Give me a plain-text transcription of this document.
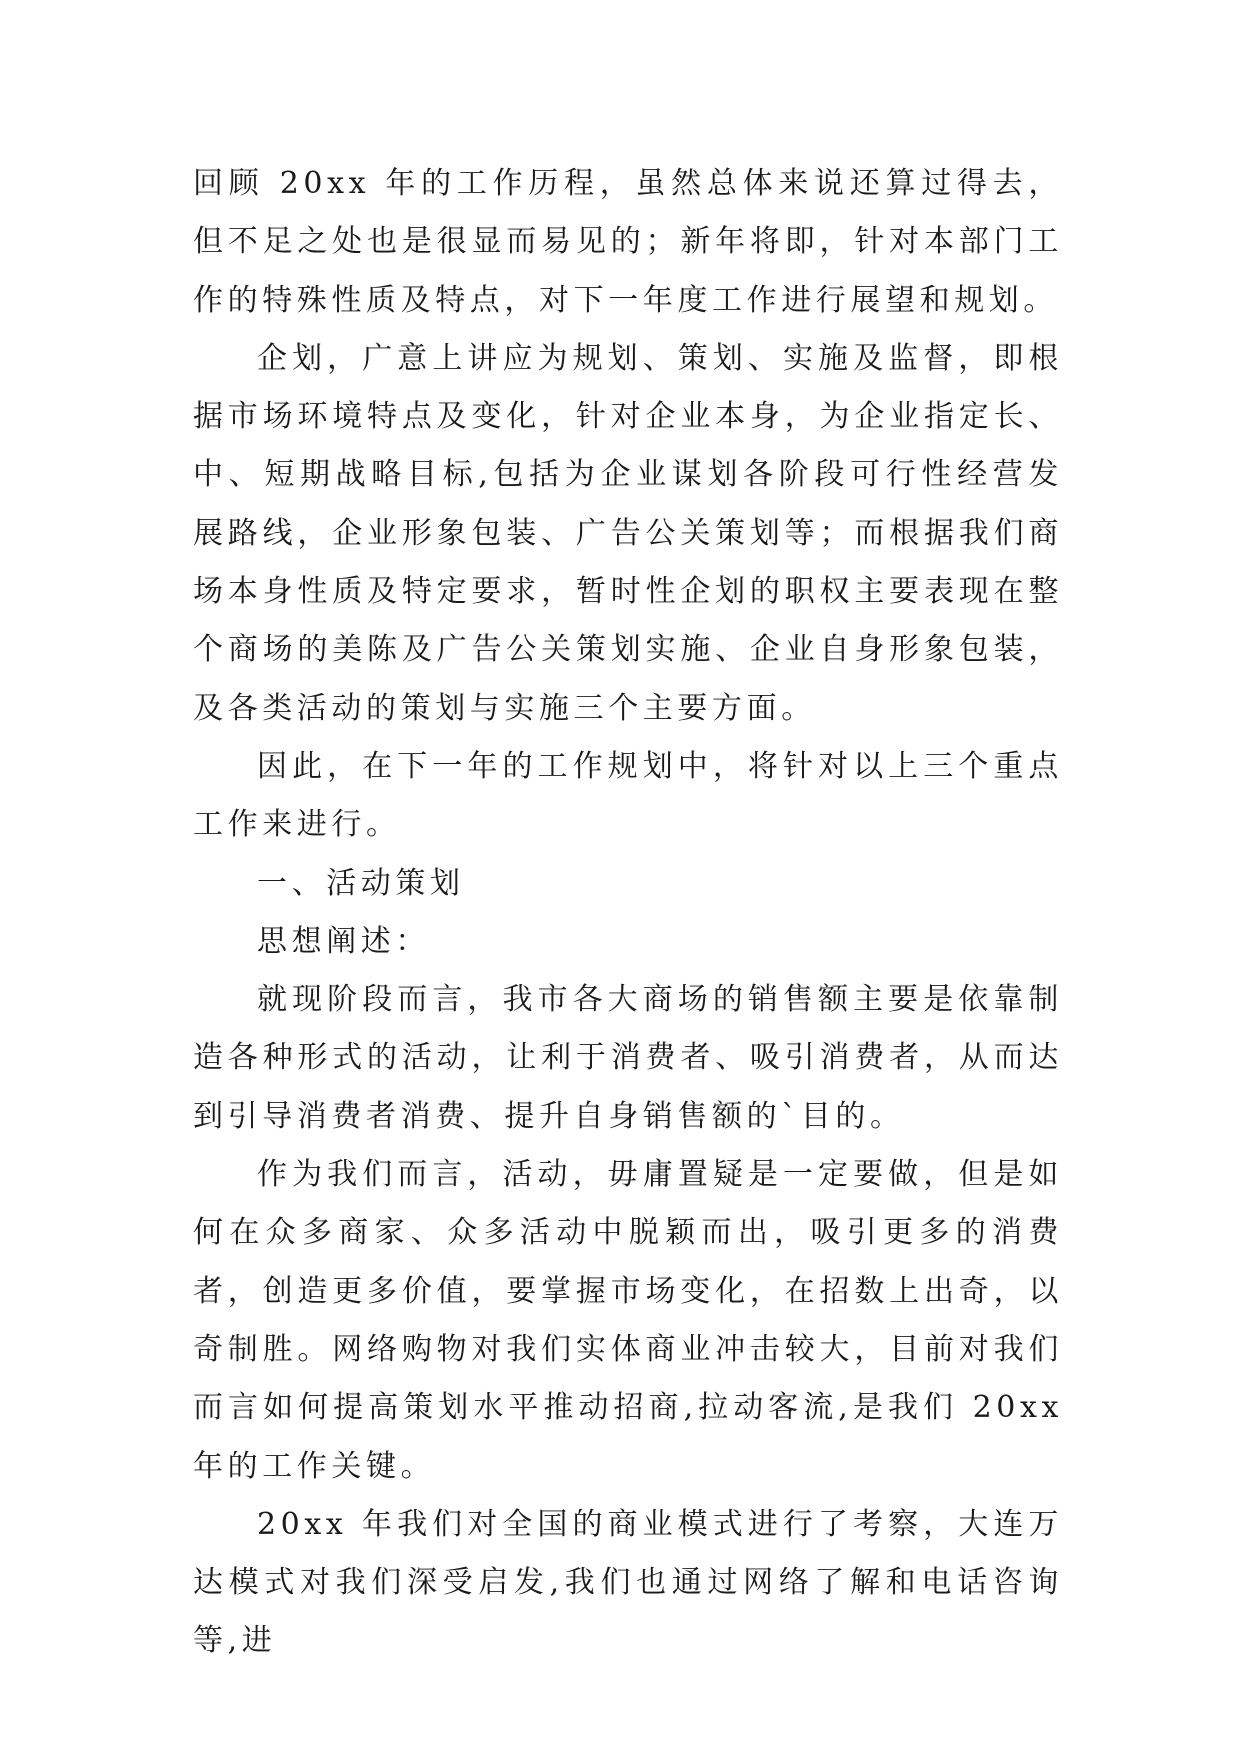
回顾 20xx 年的工作历程，虽然总体来说还算过得去，但不足之处也是很显而易见的；新年将即，针对本部门工作的特殊性质及特点，对下一年度工作进行展望和规划。

企划，广意上讲应为规划、策划、实施及监督，即根据市场环境特点及变化，针对企业本身，为企业指定长、中、短期战略目标,包括为企业谋划各阶段可行性经营发展路线，企业形象包装、广告公关策划等；而根据我们商场本身性质及特定要求，暂时性企划的职权主要表现在整个商场的美陈及广告公关策划实施、企业自身形象包装，及各类活动的策划与实施三个主要方面。

因此，在下一年的工作规划中，将针对以上三个重点工作来进行。

一、活动策划

思想阐述：

就现阶段而言，我市各大商场的销售额主要是依靠制造各种形式的活动，让利于消费者、吸引消费者，从而达到引导消费者消费、提升自身销售额的`目的。

作为我们而言，活动，毋庸置疑是一定要做，但是如何在众多商家、众多活动中脱颖而出，吸引更多的消费者，创造更多价值，要掌握市场变化，在招数上出奇，以奇制胜。网络购物对我们实体商业冲击较大，目前对我们而言如何提高策划水平推动招商,拉动客流,是我们 20xx 年的工作关键。

20xx 年我们对全国的商业模式进行了考察，大连万达模式对我们深受启发,我们也通过网络了解和电话咨询等,进
